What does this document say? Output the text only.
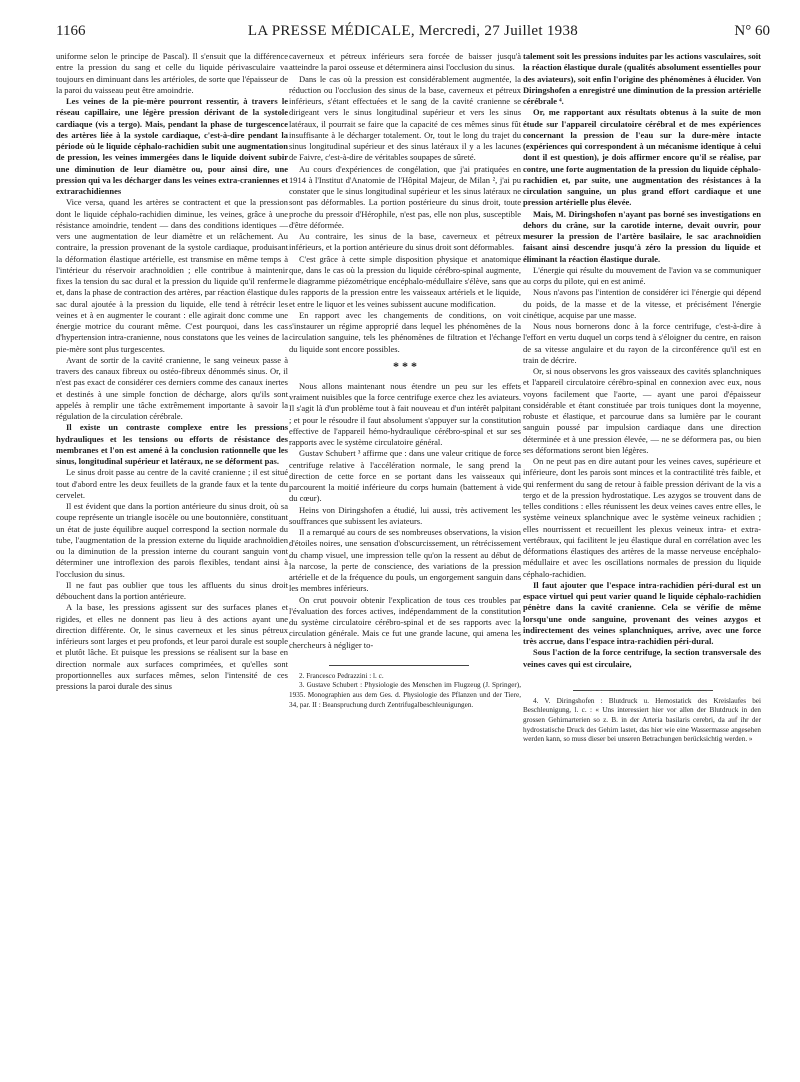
1166	LA PRESSE MÉDICALE, Mercredi, 27 Juillet 1938	N° 60

uniforme selon le principe de Pascal). Il s'ensuit que la différence entre la pression du sang et celle du liquide périvasculaire va toujours en diminuant dans les artérioles, de sorte que l'épaisseur de la paroi du vaisseau peut être amoindrie.

Les veines de la pie-mère pourront ressentir, à travers le réseau capillaire, une légère pression dérivant de la systole cardiaque (vis a tergo). Mais, pendant la phase de turgescence des artères liée à la systole cardiaque, c'est-à-dire pendant la période où le liquide céphalo-rachidien subit une augmentation de pression, les veines immergées dans le liquide doivent subir une diminution de leur diamètre ou, pour ainsi dire, une pression qui va les décharger dans les veines extra-craniennes et extrarachidiennes

Vice versa, quand les artères se contractent et que la pression dont le liquide céphalo-rachidien diminue, les veines, grâce à une résistance amoindrie, tendent — dans des conditions identiques — vers une augmentation de leur diamètre et un relâchement. Au contraire, la pression provenant de la systole cardiaque, produisant la déformation élastique artérielle, est transmise en même temps à l'intérieur du réservoir arachnoïdien ; elle contribue à maintenir fixes la tension du sac dural et la pression du liquide qu'il renferme et, dans la phase de contraction des artères, par réaction élastique du sac dural ajoutée à la pression du liquide, elle tend à rétrécir les veines et à en augmenter le courant : elle agirait donc comme une énergie motrice du courant même. C'est pourquoi, dans les cas d'hypertension intra-cranienne, nous constatons que les veines de la pie-mère sont plus turgescentes.

Avant de sortir de la cavité cranienne, le sang veineux passe à travers des canaux fibreux ou ostéo-fibreux dénommés sinus. Or, il n'est pas exact de considérer ces derniers comme des canaux inertes et destinés à une simple fonction de décharge, alors qu'ils sont appelés à remplir une tâche extrêmement importante à savoir la régulation de la circulation cérébrale.

Il existe un contraste complexe entre les pressions hydrauliques et les tensions ou efforts de résistance des membranes et l'on est amené à la conclusion rationnelle que les sinus, longitudinal supérieur et latéraux, ne se déforment pas.

Le sinus droit passe au centre de la cavité cranienne ; il est situé tout d'abord entre les deux feuillets de la grande faux et la tente du cervelet.

Il est évident que dans la portion antérieure du sinus droit, où sa coupe représente un triangle isocèle ou une boutonnière, constituant un état de juste équilibre auquel correspond la section normale du tube, l'augmentation de la pression externe du liquide arachnoïdien ou la diminution de la pression interne du courant sanguin vont déterminer une introflexion des parois flexibles, tendant ainsi à l'occlusion du sinus.

Il ne faut pas oublier que tous les affluents du sinus droit débouchent dans la portion antérieure.

A la base, les pressions agissent sur des surfaces planes et rigides, et elles ne donnent pas lieu à des actions ayant une direction différente. Or, le sinus caverneux et les sinus pétreux inférieurs sont larges et peu profonds, et leur paroi durale est souple et plutôt lâche. Et puisque les pressions se réalisent sur la base en direction normale aux surfaces comprimées, et qu'elles sont proportionnelles aux surfaces mêmes, selon l'intensité de ces pressions la paroi durale des sinus

caverneux et pétreux inférieurs sera forcée de baisser jusqu'à atteindre la paroi osseuse et déterminera ainsi l'occlusion du sinus.

Dans le cas où la pression est considérablement augmentée, la réduction ou l'occlusion des sinus de la base, caverneux et pétreux inférieurs, s'étant effectuées et le sang de la cavité cranienne se dirigeant vers le sinus longitudinal supérieur et vers les sinus latéraux, il pourrait se faire que la capacité de ces mêmes sinus fût insuffisante à le décharger totalement. Or, tout le long du trajet du sinus longitudinal supérieur et des sinus latéraux il y a les lacunes de Faivre, c'est-à-dire de véritables soupapes de sûreté.

Au cours d'expériences de congélation, que j'ai pratiquées en 1914 à l'Institut d'Anatomie de l'Hôpital Majeur, de Milan ², j'ai pu constater que le sinus longitudinal supérieur et les sinus latéraux ne sont pas déformables. La portion postérieure du sinus droit, toute proche du pressoir d'Hérophile, n'est pas, elle non plus, susceptible d'être déformée.

Au contraire, les sinus de la base, caverneux et pétreux inférieurs, et la portion antérieure du sinus droit sont déformables.

C'est grâce à cette simple disposition physique et anatomique que, dans le cas où la pression du liquide cérébro-spinal augmente, le diagramme piézométrique encéphalo-médullaire s'élève, sans que les rapports de la pression entre les vaisseaux artériels et le liquide, et entre le liquor et les veines subissent aucune modification.

En rapport avec les changements de conditions, on voit s'instaurer un régime approprié dans lequel les phénomènes de la circulation sanguine, tels les phénomènes de filtration et l'échange du liquide sont encore possibles.

* * *

Nous allons maintenant nous étendre un peu sur les effets vraiment nuisibles que la force centrifuge exerce chez les aviateurs. Il s'agit là d'un problème tout à fait nouveau et d'un intérêt palpitant ; et pour le résoudre il faut absolument s'appuyer sur la constitution effective de l'appareil hémo-hydraulique cérébro-spinal et sur ses rapports avec le système circulatoire général.

Gustav Schubert ³ affirme que : dans une valeur critique de force centrifuge relative à l'accélération normale, le sang prend la direction de cette force en se portant dans les vaisseaux qui parcourent la moitié inférieure du corps humain (battement à vide du cœur).

Heins von Diringshofen a étudié, lui aussi, très activement les souffrances que subissent les aviateurs.

Il a remarqué au cours de ses nombreuses observations, la vision d'étoiles noires, une sensation d'obscurcissement, un rétrécissement du champ visuel, une impression telle qu'on la ressent au début de la narcose, la perte de conscience, des variations de la pression artérielle et de la fréquence du pouls, un engorgement sanguin dans les membres inférieurs.

On crut pouvoir obtenir l'explication de tous ces troubles par l'évaluation des forces actives, indépendamment de la constitution du système circulatoire cérébro-spinal et de ses rapports avec la circulation générale. Mais ce fut une grande lacune, qui amena les chercheurs à négliger to-

2. Francesco Pedrazzini : l. c.

3. Gustave Schubert : Physiologie des Menschen im Flugzeug (J. Springer), 1935. Monographien aus dem Ges. d. Physiologie des Pflanzen und der Tiere, 34, par. II : Beanspruchung durch Zentrifugalbeschleunigungen.

talement soit les pressions induites par les actions vasculaires, soit la réaction élastique durale (qualités absolument essentielles pour des aviateurs), soit enfin l'origine des phénomènes à élucider. Von Diringshofen a enregistré une diminution de la pression artérielle cérébrale ⁴.

Or, me rapportant aux résultats obtenus à la suite de mon étude sur l'appareil circulatoire cérébral et de mes expériences concernant la pression de l'eau sur la dure-mère intacte (expériences qui correspondent à un mécanisme identique à celui dont il est question), je dois affirmer encore qu'il se réalise, par contre, une forte augmentation de la pression du liquide céphalo-rachidien et, par suite, une augmentation des résistances à la circulation sanguine, un plus grand effort cardiaque et une pression artérielle plus élevée.

Mais, M. Diringshofen n'ayant pas borné ses investigations en dehors du crâne, sur la carotide interne, devait ouvrir, pour mesurer la pression de l'artère basilaire, le sac arachnoïdien faisant ainsi descendre jusqu'à zéro la pression du liquide et éliminant la réaction élastique durale.

L'énergie qui résulte du mouvement de l'avion va se communiquer au corps du pilote, qui en est animé.

Nous n'avons pas l'intention de considérer ici l'énergie qui dépend du poids, de la masse et de la vitesse, et précisément l'énergie cinétique, acquise par une masse.

Nous nous bornerons donc à la force centrifuge, c'est-à-dire à l'effort en vertu duquel un corps tend à s'éloigner du centre, en raison de sa vitesse angulaire et du rayon de la circonférence qu'il est en train de décrire.

Or, si nous observons les gros vaisseaux des cavités splanchniques et l'appareil circulatoire cérébro-spinal en connexion avec eux, nous voyons facilement que l'aorte, — ayant une paroi d'épaisseur considérable et étant constituée par trois tuniques dont la moyenne, robuste et élastique, et parcourue dans sa lumière par le courant sanguin poussé par impulsion cardiaque dans une direction déterminée et à une pression élevée, — ne se déformera pas, ou bien ses déformations seront bien légères.

On ne peut pas en dire autant pour les veines caves, supérieure et inférieure, dont les parois sont minces et la contractilité très faible, et qui renferment du sang de retour à faible pression dérivant de la vis a tergo et de la pression hydrostatique. Les azygos se trouvent dans de telles conditions : elles réunissent les deux veines caves entre elles, le système veineux splanchnique avec le système veineux rachidien ; elles nourrissent et recueillent les plexus veineux intra- et extra-vertébraux, qui facilitent le jeu élastique dural en corrélation avec les déformations élastiques des artères de la masse nerveuse encéphalo-médullaire et avec les oscillations normales de pression du liquide céphalo-rachidien.

Il faut ajouter que l'espace intra-rachidien péri-dural est un espace virtuel qui peut varier quand le liquide céphalo-rachidien pénètre dans la cavité cranienne. Cela se vérifie de même lorsqu'une onde sanguine, provenant des veines azygos et indirectement des veines splanchniques, arrive, avec une force très accrue, dans l'espace intra-rachidien péri-dural.

Sous l'action de la force centrifuge, la section transversale des veines caves qui est circulaire,

4. V. Diringshofen : Blutdruck u. Hemostatick des Kreislaufes bei Beschleunigung, l. c. : « Uns interessiert hier vor allen der Blutdruck in den grossen Gehirnarterien so z. B. in der Arteria basilaris cerebri, da auf ihr der hydrostatische Druck des Gehirn lastet, das hier wie eine Wassermasse angesehen werden kann, so muss dieser bei unseren Betrachungen berücksichtig werden. »
